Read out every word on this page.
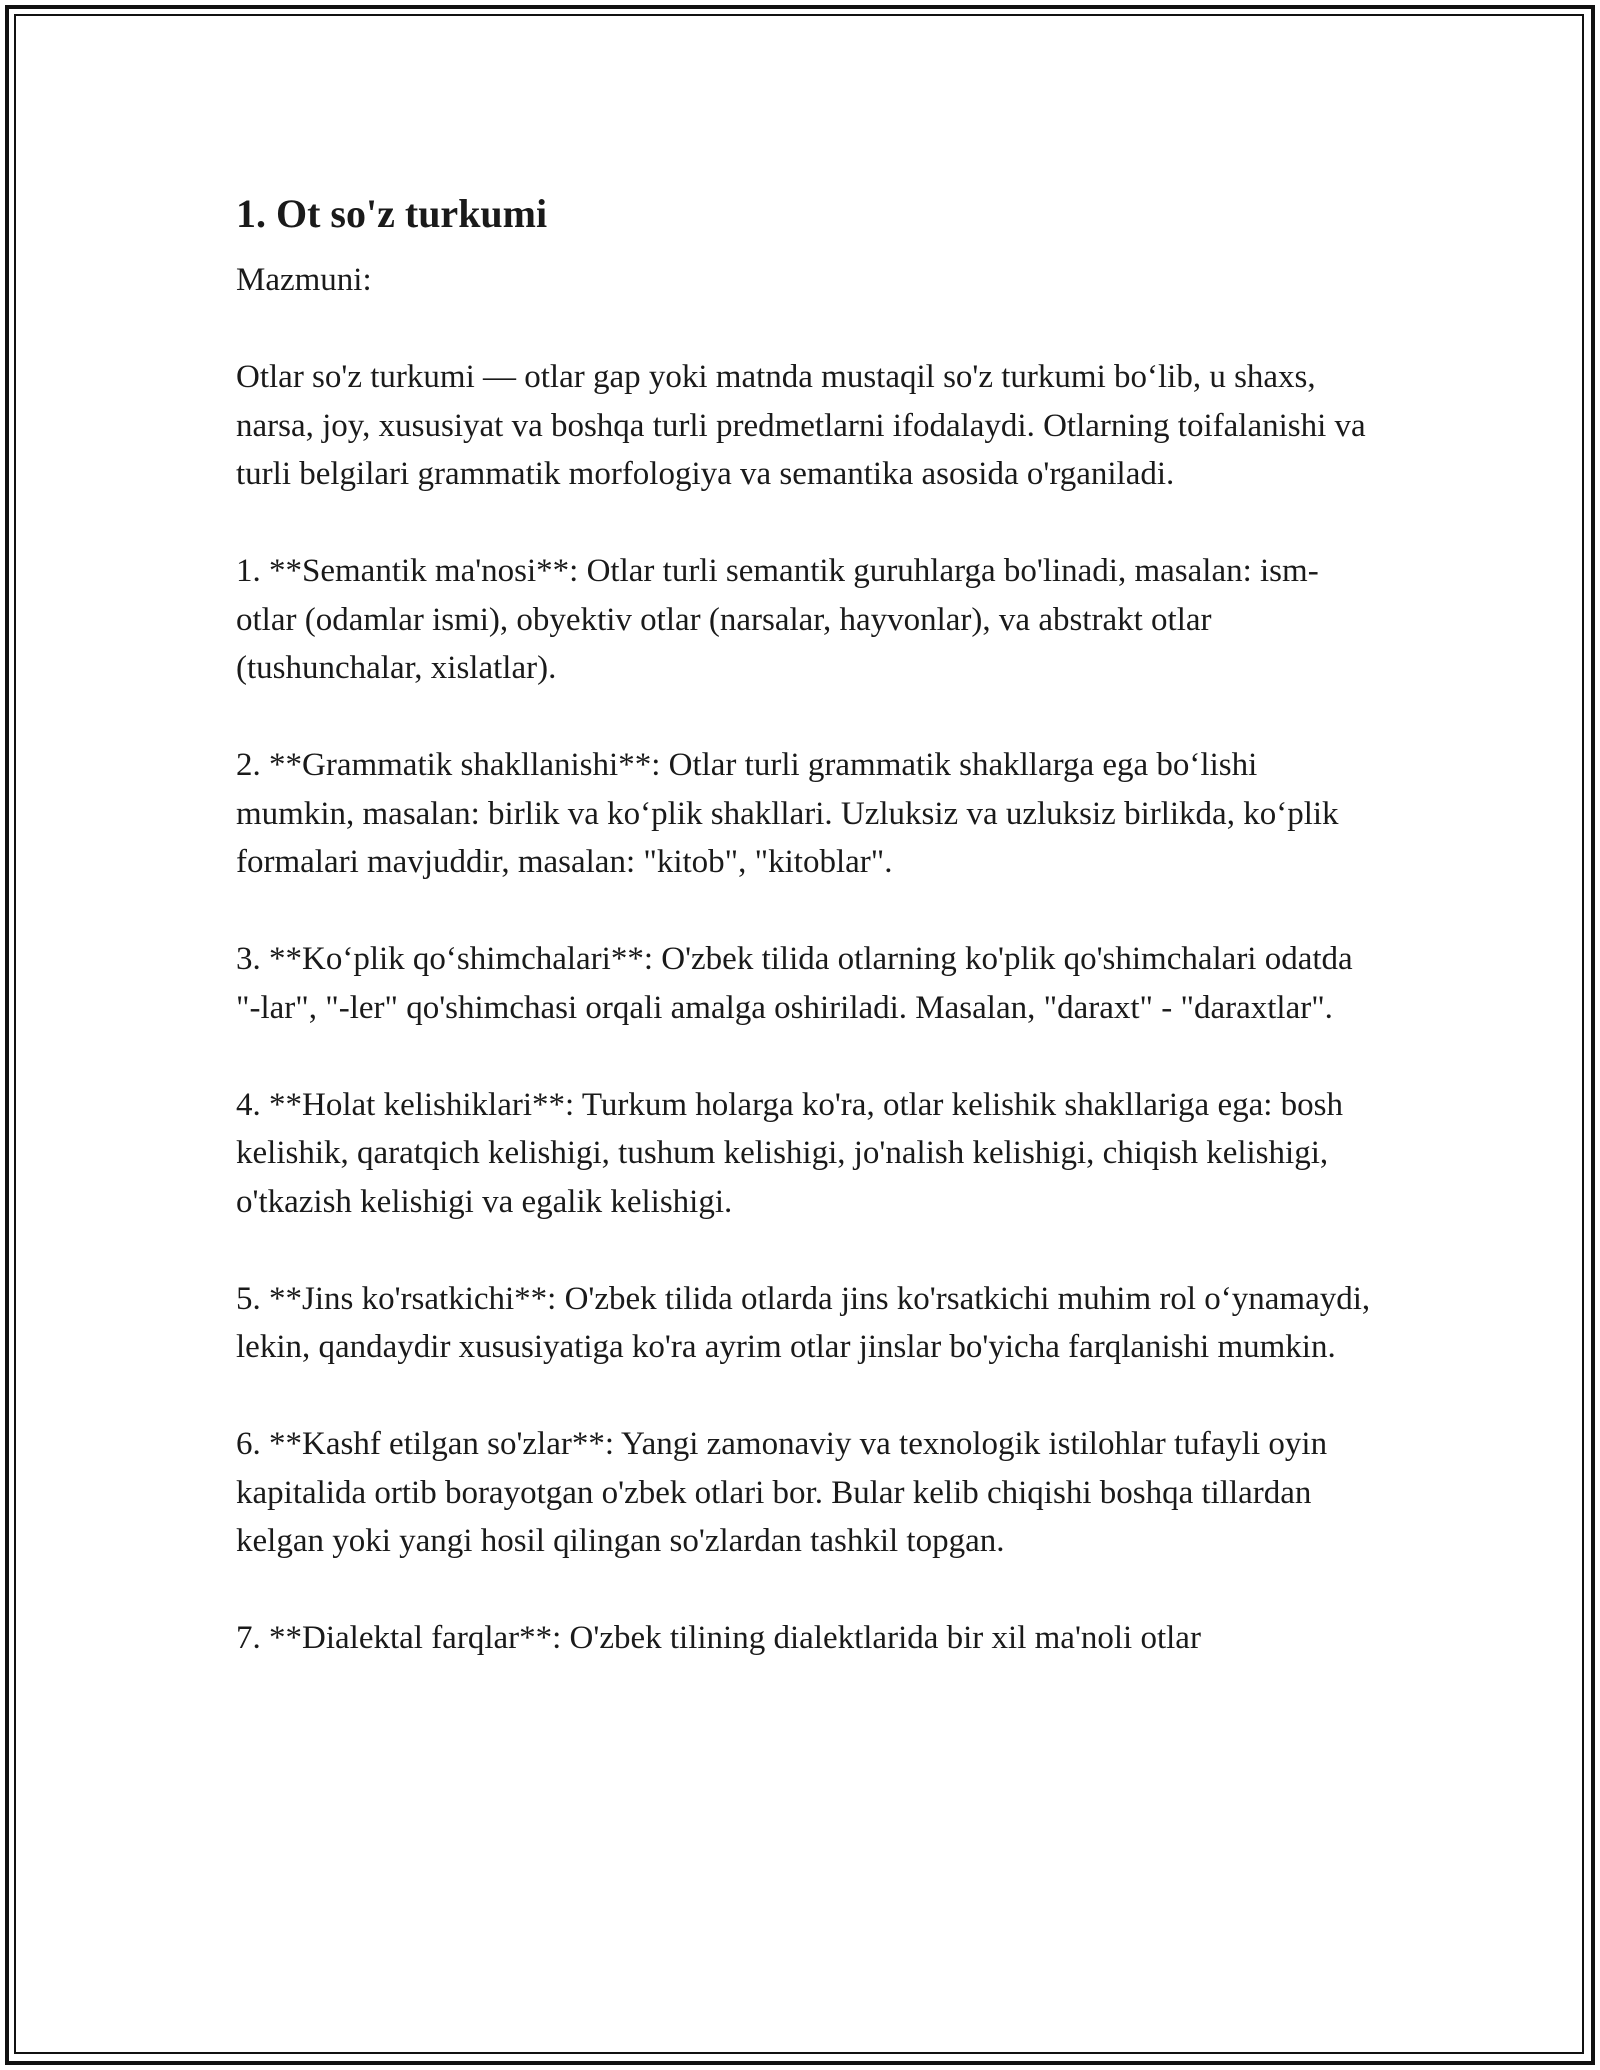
1. Ot so'z turkumi

Mazmuni:

Otlar so'z turkumi — otlar gap yoki matnda mustaqil so'z turkumi bo‘lib, u shaxs, narsa, joy, xususiyat va boshqa turli predmetlarni ifodalaydi. Otlarning toifalanishi va turli belgilari grammatik morfologiya va semantika asosida o'rganiladi.

1. **Semantik ma'nosi**: Otlar turli semantik guruhlarga bo'linadi, masalan: ism-otlar (odamlar ismi), obyektiv otlar (narsalar, hayvonlar), va abstrakt otlar (tushunchalar, xislatlar).

2. **Grammatik shakllanishi**: Otlar turli grammatik shakllarga ega bo‘lishi mumkin, masalan: birlik va ko‘plik shakllari. Uzluksiz va uzluksiz birlikda, ko‘plik formalari mavjuddir, masalan: "kitob", "kitoblar".

3. **Ko‘plik qo‘shimchalari**: O'zbek tilida otlarning ko'plik qo'shimchalari odatda "-lar", "-ler" qo'shimchasi orqali amalga oshiriladi. Masalan, "daraxt" - "daraxtlar".

4. **Holat kelishiklari**: Turkum holarga ko'ra, otlar kelishik shakllariga ega: bosh kelishik, qaratqich kelishigi, tushum kelishigi, jo'nalish kelishigi, chiqish kelishigi, o'tkazish kelishigi va egalik kelishigi.

5. **Jins ko'rsatkichi**: O'zbek tilida otlarda jins ko'rsatkichi muhim rol o‘ynamaydi, lekin, qandaydir xususiyatiga ko'ra ayrim otlar jinslar bo'yicha farqlanishi mumkin.

6. **Kashf etilgan so'zlar**: Yangi zamonaviy va texnologik istilohlar tufayli oyin kapitalida ortib borayotgan o'zbek otlari bor. Bular kelib chiqishi boshqa tillardan kelgan yoki yangi hosil qilingan so'zlardan tashkil topgan.

7. **Dialektal farqlar**: O'zbek tilining dialektlarida bir xil ma'noli otlar
